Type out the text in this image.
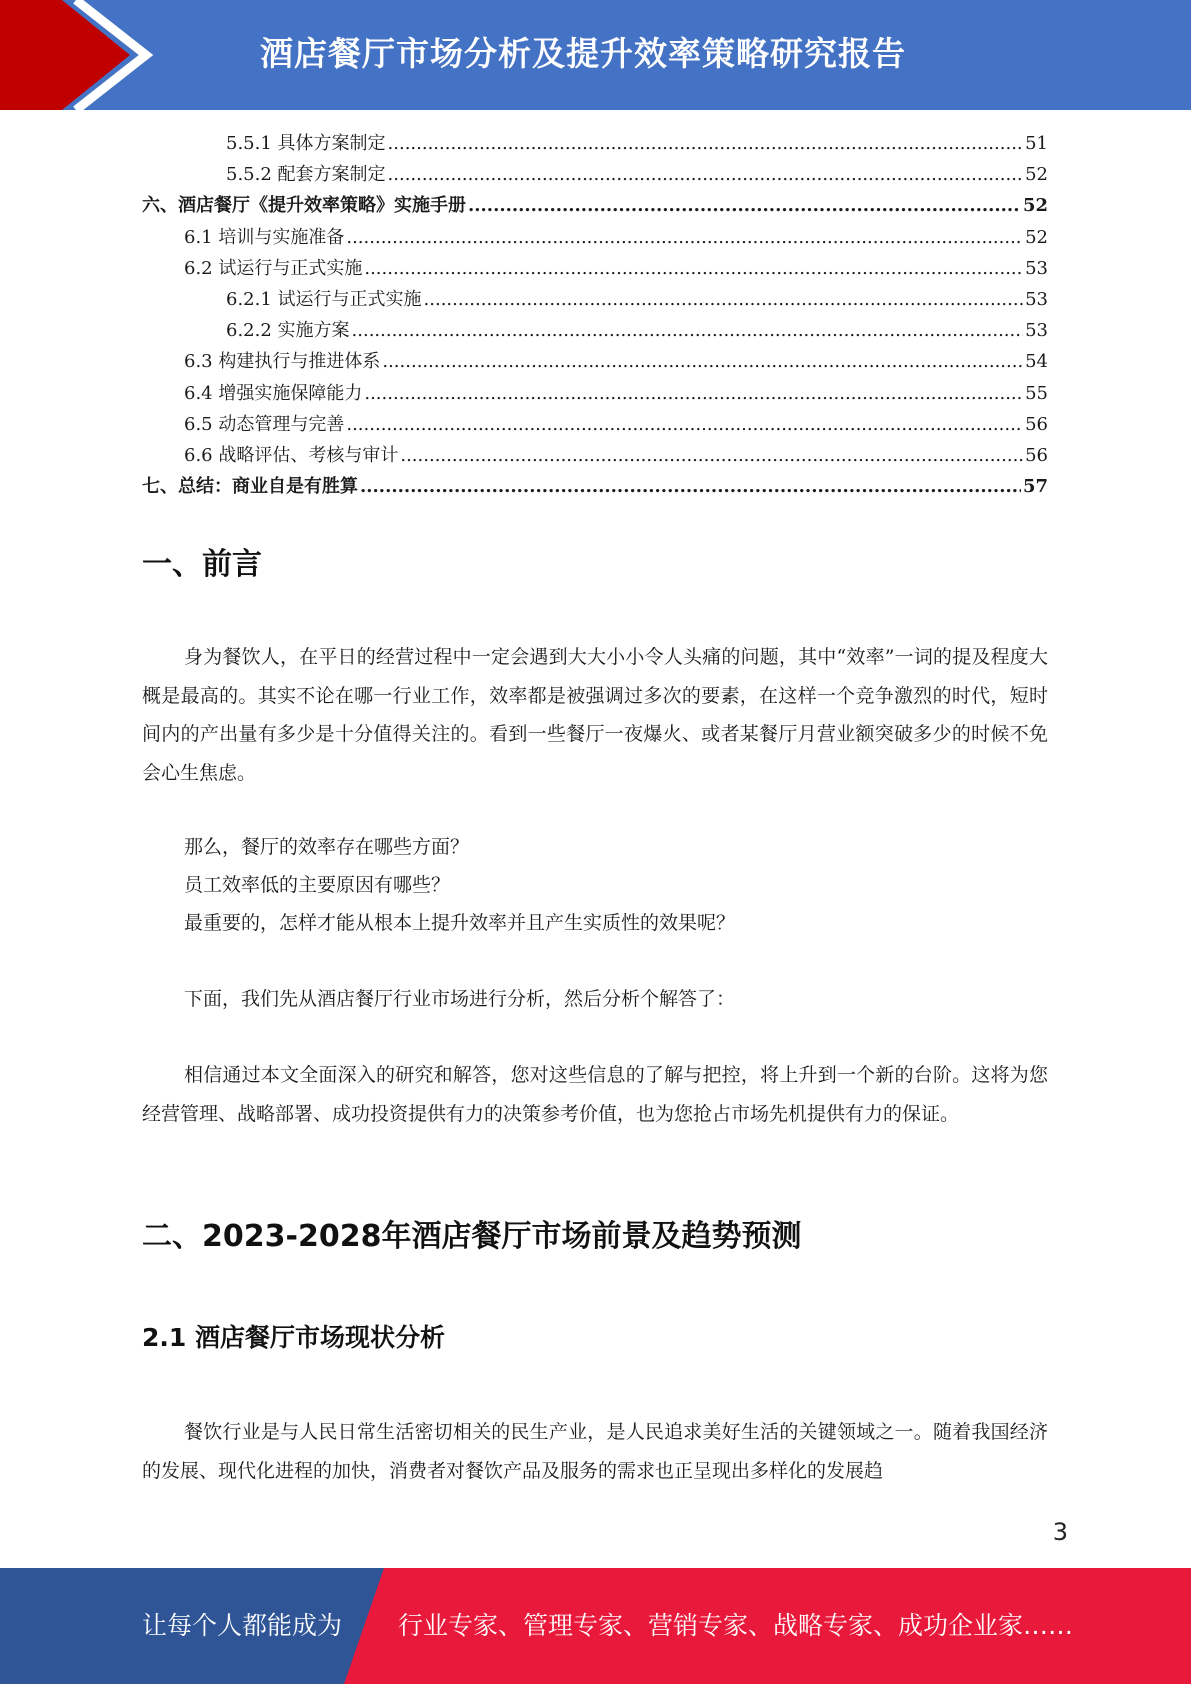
酒店餐厅市场分析及提升效率策略研究报告
5.5.1 具体方案制定 .....	51
5.5.2 配套方案制定 .....	52
六、酒店餐厅《提升效率策略》实施手册 .....	52
6.1 培训与实施准备 .....	52
6.2 试运行与正式实施 .....	53
6.2.1 试运行与正式实施 .....	53
6.2.2 实施方案 .....	53
6.3 构建执行与推进体系 .....	54
6.4 增强实施保障能力 .....	55
6.5 动态管理与完善 .....	56
6.6 战略评估、考核与审计 .....	56
七、总结：商业自是有胜算 .....	57
一、前言

身为餐饮人，在平日的经营过程中一定会遇到大大小小令人头痛的问题，其中“效率”一词的提及程度大概是最高的。其实不论在哪一行业工作，效率都是被强调过多次的要素，在这样一个竞争激烈的时代，短时间内的产出量有多少是十分值得关注的。看到一些餐厅一夜爆火、或者某餐厅月营业额突破多少的时候不免会心生焦虑。

那么，餐厅的效率存在哪些方面？
员工效率低的主要原因有哪些？
最重要的，怎样才能从根本上提升效率并且产生实质性的效果呢？

下面，我们先从酒店餐厅行业市场进行分析，然后分析个解答了：

相信通过本文全面深入的研究和解答，您对这些信息的了解与把控，将上升到一个新的台阶。这将为您经营管理、战略部署、成功投资提供有力的决策参考价值，也为您抢占市场先机提供有力的保证。

二、2023-2028年酒店餐厅市场前景及趋势预测
2.1 酒店餐厅市场现状分析

餐饮行业是与人民日常生活密切相关的民生产业，是人民追求美好生活的关键领域之一。随着我国经济的发展、现代化进程的加快，消费者对餐饮产品及服务的需求也正呈现出多样化的发展趋

3
让每个人都能成为 行业专家、管理专家、营销专家、战略专家、成功企业家……
